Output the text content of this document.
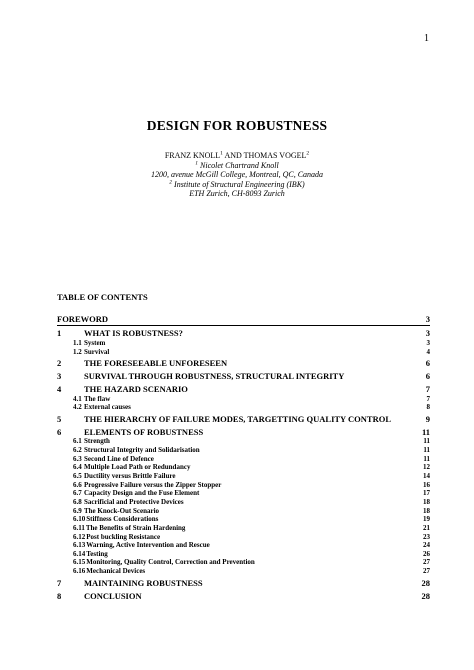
1
DESIGN FOR ROBUSTNESS
FRANZ KNOLL$^1$ AND THOMAS VOGEL$^2$
$^1$ Nicolet Chartrand Knoll
1200, avenue McGill College, Montreal, QC, Canada
$^2$ Institute of Structural Engineering (IBK)
ETH Zurich, CH-8093 Zurich
TABLE OF CONTENTS
FOREWORD	3
1	WHAT IS ROBUSTNESS?	3
1.1 System	3
1.2 Survival	4
2	THE FORESEEABLE UNFORESEEN	6
3	SURVIVAL THROUGH ROBUSTNESS, STRUCTURAL INTEGRITY	6
4	THE HAZARD SCENARIO	7
4.1 The flaw	7
4.2 External causes	8
5	THE HIERARCHY OF FAILURE MODES, TARGETTING QUALITY CONTROL	9
6	ELEMENTS OF ROBUSTNESS	11
6.1 Strength	11
6.2 Structural Integrity and Solidarisation	11
6.3 Second Line of Defence	11
6.4 Multiple Load Path or Redundancy	12
6.5 Ductility versus Brittle Failure	14
6.6 Progressive Failure versus the Zipper Stopper	16
6.7 Capacity Design and the Fuse Element	17
6.8 Sacrificial and Protective Devices	18
6.9 The Knock-Out Scenario	18
6.10 Stiffness Considerations	19
6.11 The Benefits of Strain Hardening	21
6.12 Post buckling Resistance	23
6.13 Warning, Active Intervention and Rescue	24
6.14 Testing	26
6.15 Monitoring, Quality Control, Correction and Prevention	27
6.16 Mechanical Devices	27
7	MAINTAINING ROBUSTNESS	28
8	CONCLUSION	28
